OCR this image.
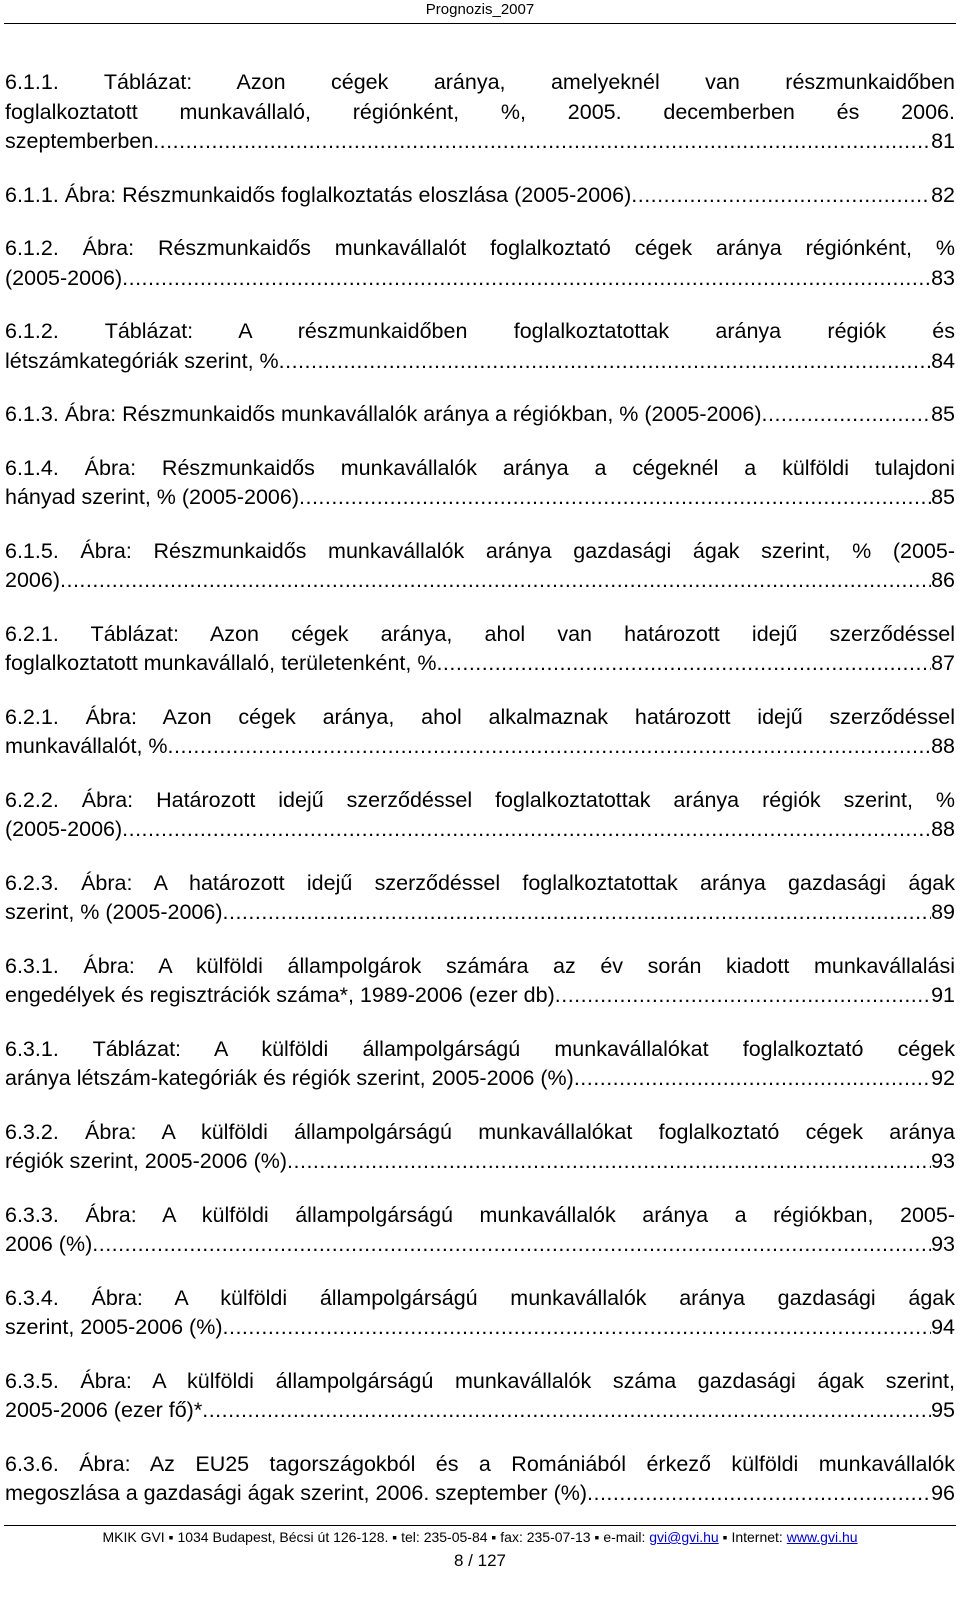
Prognozis_2007
6.1.1. Táblázat: Azon cégek aránya, amelyeknél van részmunkaidőben
foglalkoztatott munkavállaló, régiónként, %, 2005. decemberben és 2006.
szeptemberben .....	81
6.1.1. Ábra: Részmunkaidős foglalkoztatás eloszlása (2005-2006) .....	82
6.1.2. Ábra: Részmunkaidős munkavállalót foglalkoztató cégek aránya régiónként, %
(2005-2006) .....	83
6.1.2. Táblázat: A részmunkaidőben foglalkoztatottak aránya régiók és
létszámkategóriák szerint, % .....	84
6.1.3. Ábra: Részmunkaidős munkavállalók aránya a régiókban, % (2005-2006) .....	85
6.1.4. Ábra: Részmunkaidős munkavállalók aránya a cégeknél a külföldi tulajdoni
hányad szerint, % (2005-2006) .....	85
6.1.5. Ábra: Részmunkaidős munkavállalók aránya gazdasági ágak szerint, % (2005-
2006) .....	86
6.2.1. Táblázat: Azon cégek aránya, ahol van határozott idejű szerződéssel
foglalkoztatott munkavállaló, területenként, % .....	87
6.2.1. Ábra: Azon cégek aránya, ahol alkalmaznak határozott idejű szerződéssel
munkavállalót, % .....	88
6.2.2. Ábra: Határozott idejű szerződéssel foglalkoztatottak aránya régiók szerint, %
(2005-2006) .....	88
6.2.3. Ábra: A határozott idejű szerződéssel foglalkoztatottak aránya gazdasági ágak
szerint, % (2005-2006) .....	89
6.3.1. Ábra: A külföldi állampolgárok számára az év során kiadott munkavállalási
engedélyek és regisztrációk száma*, 1989-2006 (ezer db) .....	91
6.3.1. Táblázat: A külföldi állampolgárságú munkavállalókat foglalkoztató cégek
aránya létszám-kategóriák és régiók szerint, 2005-2006 (%) .....	92
6.3.2. Ábra: A külföldi állampolgárságú munkavállalókat foglalkoztató cégek aránya
régiók szerint, 2005-2006 (%) .....	93
6.3.3. Ábra: A külföldi állampolgárságú munkavállalók aránya a régiókban, 2005-
2006 (%) .....	93
6.3.4. Ábra: A külföldi állampolgárságú munkavállalók aránya gazdasági ágak
szerint, 2005-2006 (%) .....	94
6.3.5. Ábra: A külföldi állampolgárságú munkavállalók száma gazdasági ágak szerint,
2005-2006 (ezer fő)* .....	95
6.3.6. Ábra: Az EU25 tagországokból és a Romániából érkező külföldi munkavállalók
megoszlása a gazdasági ágak szerint, 2006. szeptember (%) .....	96
MKIK GVI ▪ 1034 Budapest, Bécsi út 126-128. ▪ tel: 235-05-84 ▪ fax: 235-07-13 ▪ e-mail: gvi@gvi.hu ▪ Internet: www.gvi.hu
8 / 127
